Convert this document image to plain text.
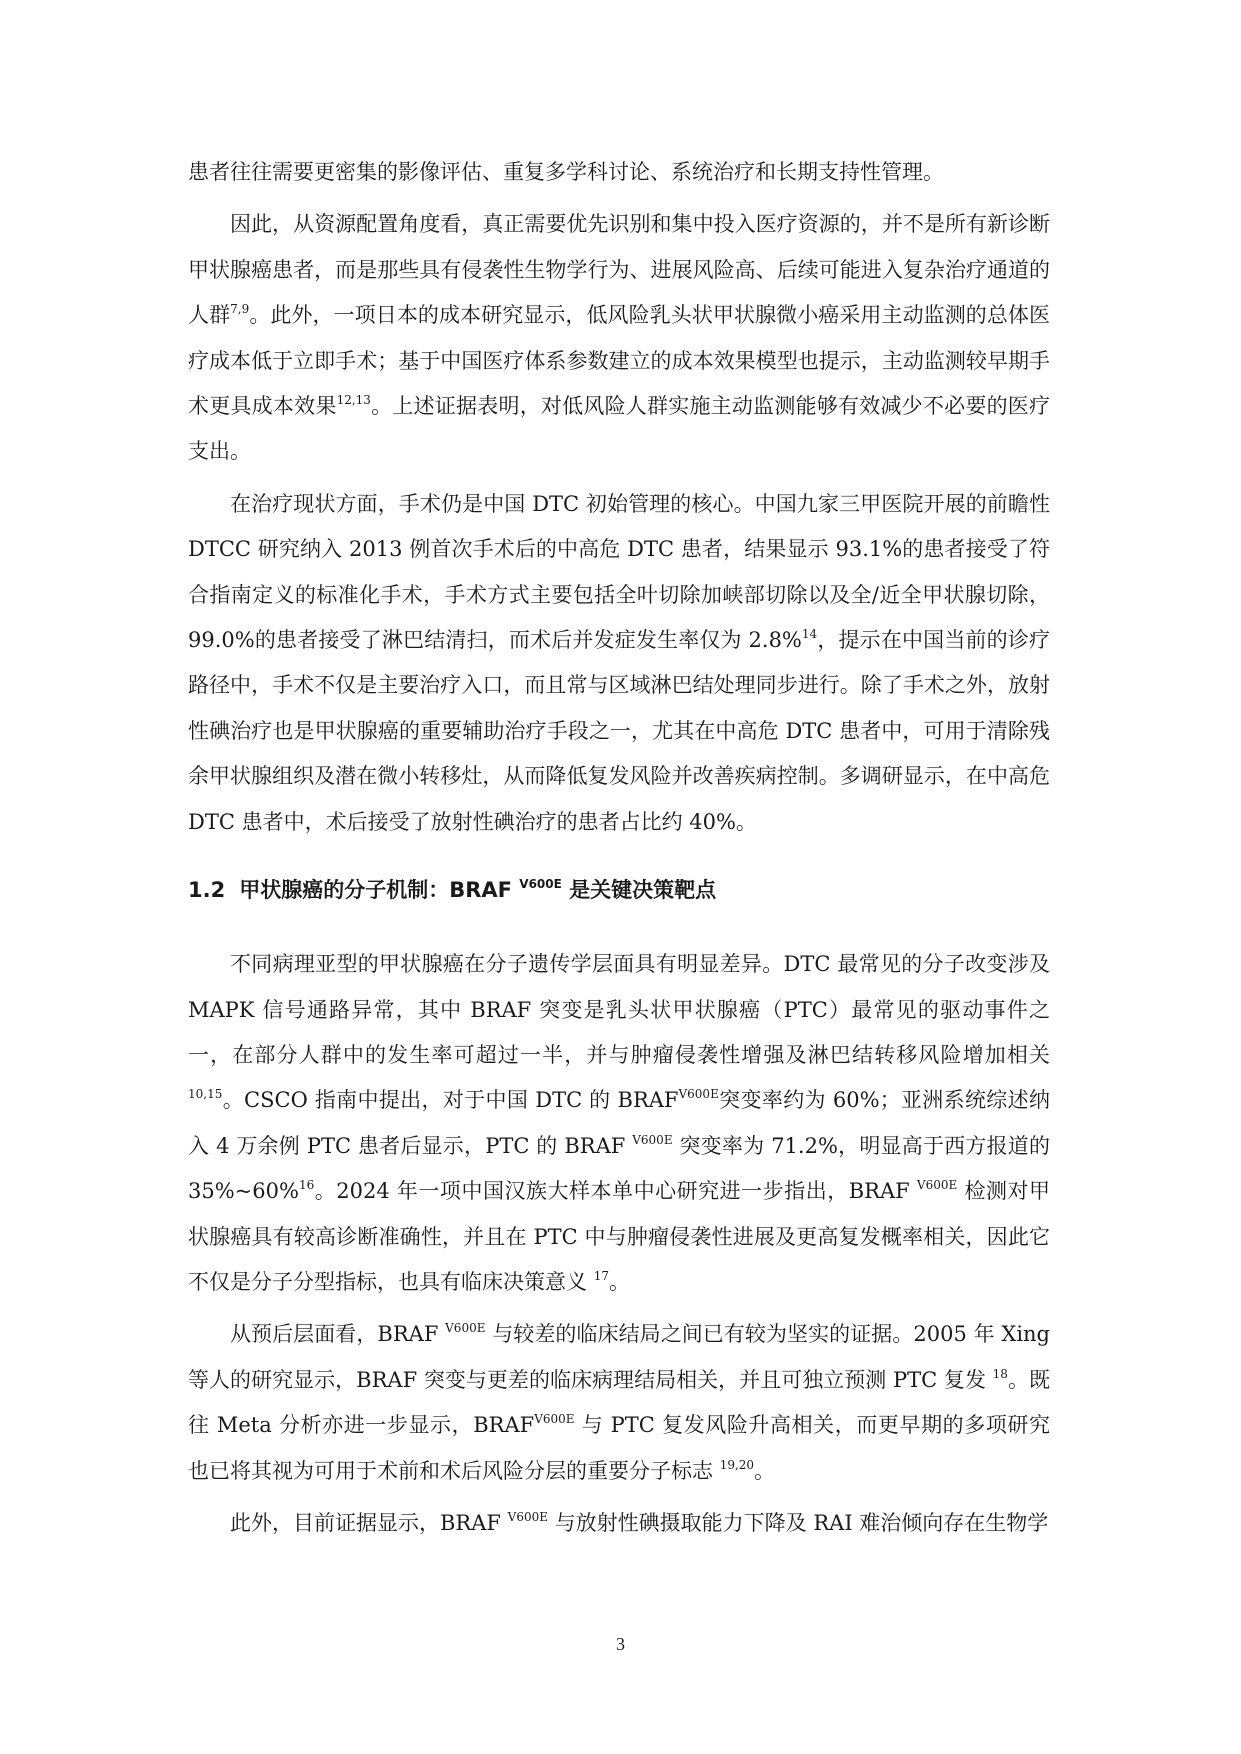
患者往往需要更密集的影像评估、重复多学科讨论、系统治疗和长期支持性管理。

因此，从资源配置角度看，真正需要优先识别和集中投入医疗资源的，并不是所有新诊断甲状腺癌患者，而是那些具有侵袭性生物学行为、进展风险高、后续可能进入复杂治疗通道的人群$^{7,9}$。此外，一项日本的成本研究显示，低风险乳头状甲状腺微小癌采用主动监测的总体医疗成本低于立即手术；基于中国医疗体系参数建立的成本效果模型也提示，主动监测较早期手术更具成本效果$^{12,13}$。上述证据表明，对低风险人群实施主动监测能够有效减少不必要的医疗支出。

在治疗现状方面，手术仍是中国 DTC 初始管理的核心。中国九家三甲医院开展的前瞻性 DTCC 研究纳入 2013 例首次手术后的中高危 DTC 患者，结果显示 93.1%的患者接受了符合指南定义的标准化手术，手术方式主要包括全叶切除加峡部切除以及全/近全甲状腺切除，99.0%的患者接受了淋巴结清扫，而术后并发症发生率仅为 2.8%$^{14}$，提示在中国当前的诊疗路径中，手术不仅是主要治疗入口，而且常与区域淋巴结处理同步进行。除了手术之外，放射性碘治疗也是甲状腺癌的重要辅助治疗手段之一，尤其在中高危 DTC 患者中，可用于清除残余甲状腺组织及潜在微小转移灶，从而降低复发风险并改善疾病控制。多调研显示，在中高危 DTC 患者中，术后接受了放射性碘治疗的患者占比约 40%。

1.2 甲状腺癌的分子机制：BRAF $^{V600E}$ 是关键决策靶点

不同病理亚型的甲状腺癌在分子遗传学层面具有明显差异。DTC 最常见的分子改变涉及 MAPK 信号通路异常，其中 BRAF 突变是乳头状甲状腺癌（PTC）最常见的驱动事件之一，在部分人群中的发生率可超过一半，并与肿瘤侵袭性增强及淋巴结转移风险增加相关$^{10,15}$。CSCO 指南中提出，对于中国 DTC 的 $BRAF^{V600E}$突变率约为 60%；亚洲系统综述纳入 4 万余例 PTC 患者后显示，PTC 的 BRAF $^{V600E}$ 突变率为 71.2%，明显高于西方报道的 35%~60%$^{16}$。2024 年一项中国汉族大样本单中心研究进一步指出，BRAF $^{V600E}$ 检测对甲状腺癌具有较高诊断准确性，并且在 PTC 中与肿瘤侵袭性进展及更高复发概率相关，因此它不仅是分子分型指标，也具有临床决策意义 $^{17}$。

从预后层面看，BRAF $^{V600E}$ 与较差的临床结局之间已有较为坚实的证据。2005 年 Xing 等人的研究显示，BRAF 突变与更差的临床病理结局相关，并且可独立预测 PTC 复发 $^{18}$。既往 Meta 分析亦进一步显示，$BRAF^{V600E}$ 与 PTC 复发风险升高相关，而更早期的多项研究也已将其视为可用于术前和术后风险分层的重要分子标志 $^{19,20}$。

此外，目前证据显示，BRAF $^{V600E}$ 与放射性碘摄取能力下降及 RAI 难治倾向存在生物学

3
